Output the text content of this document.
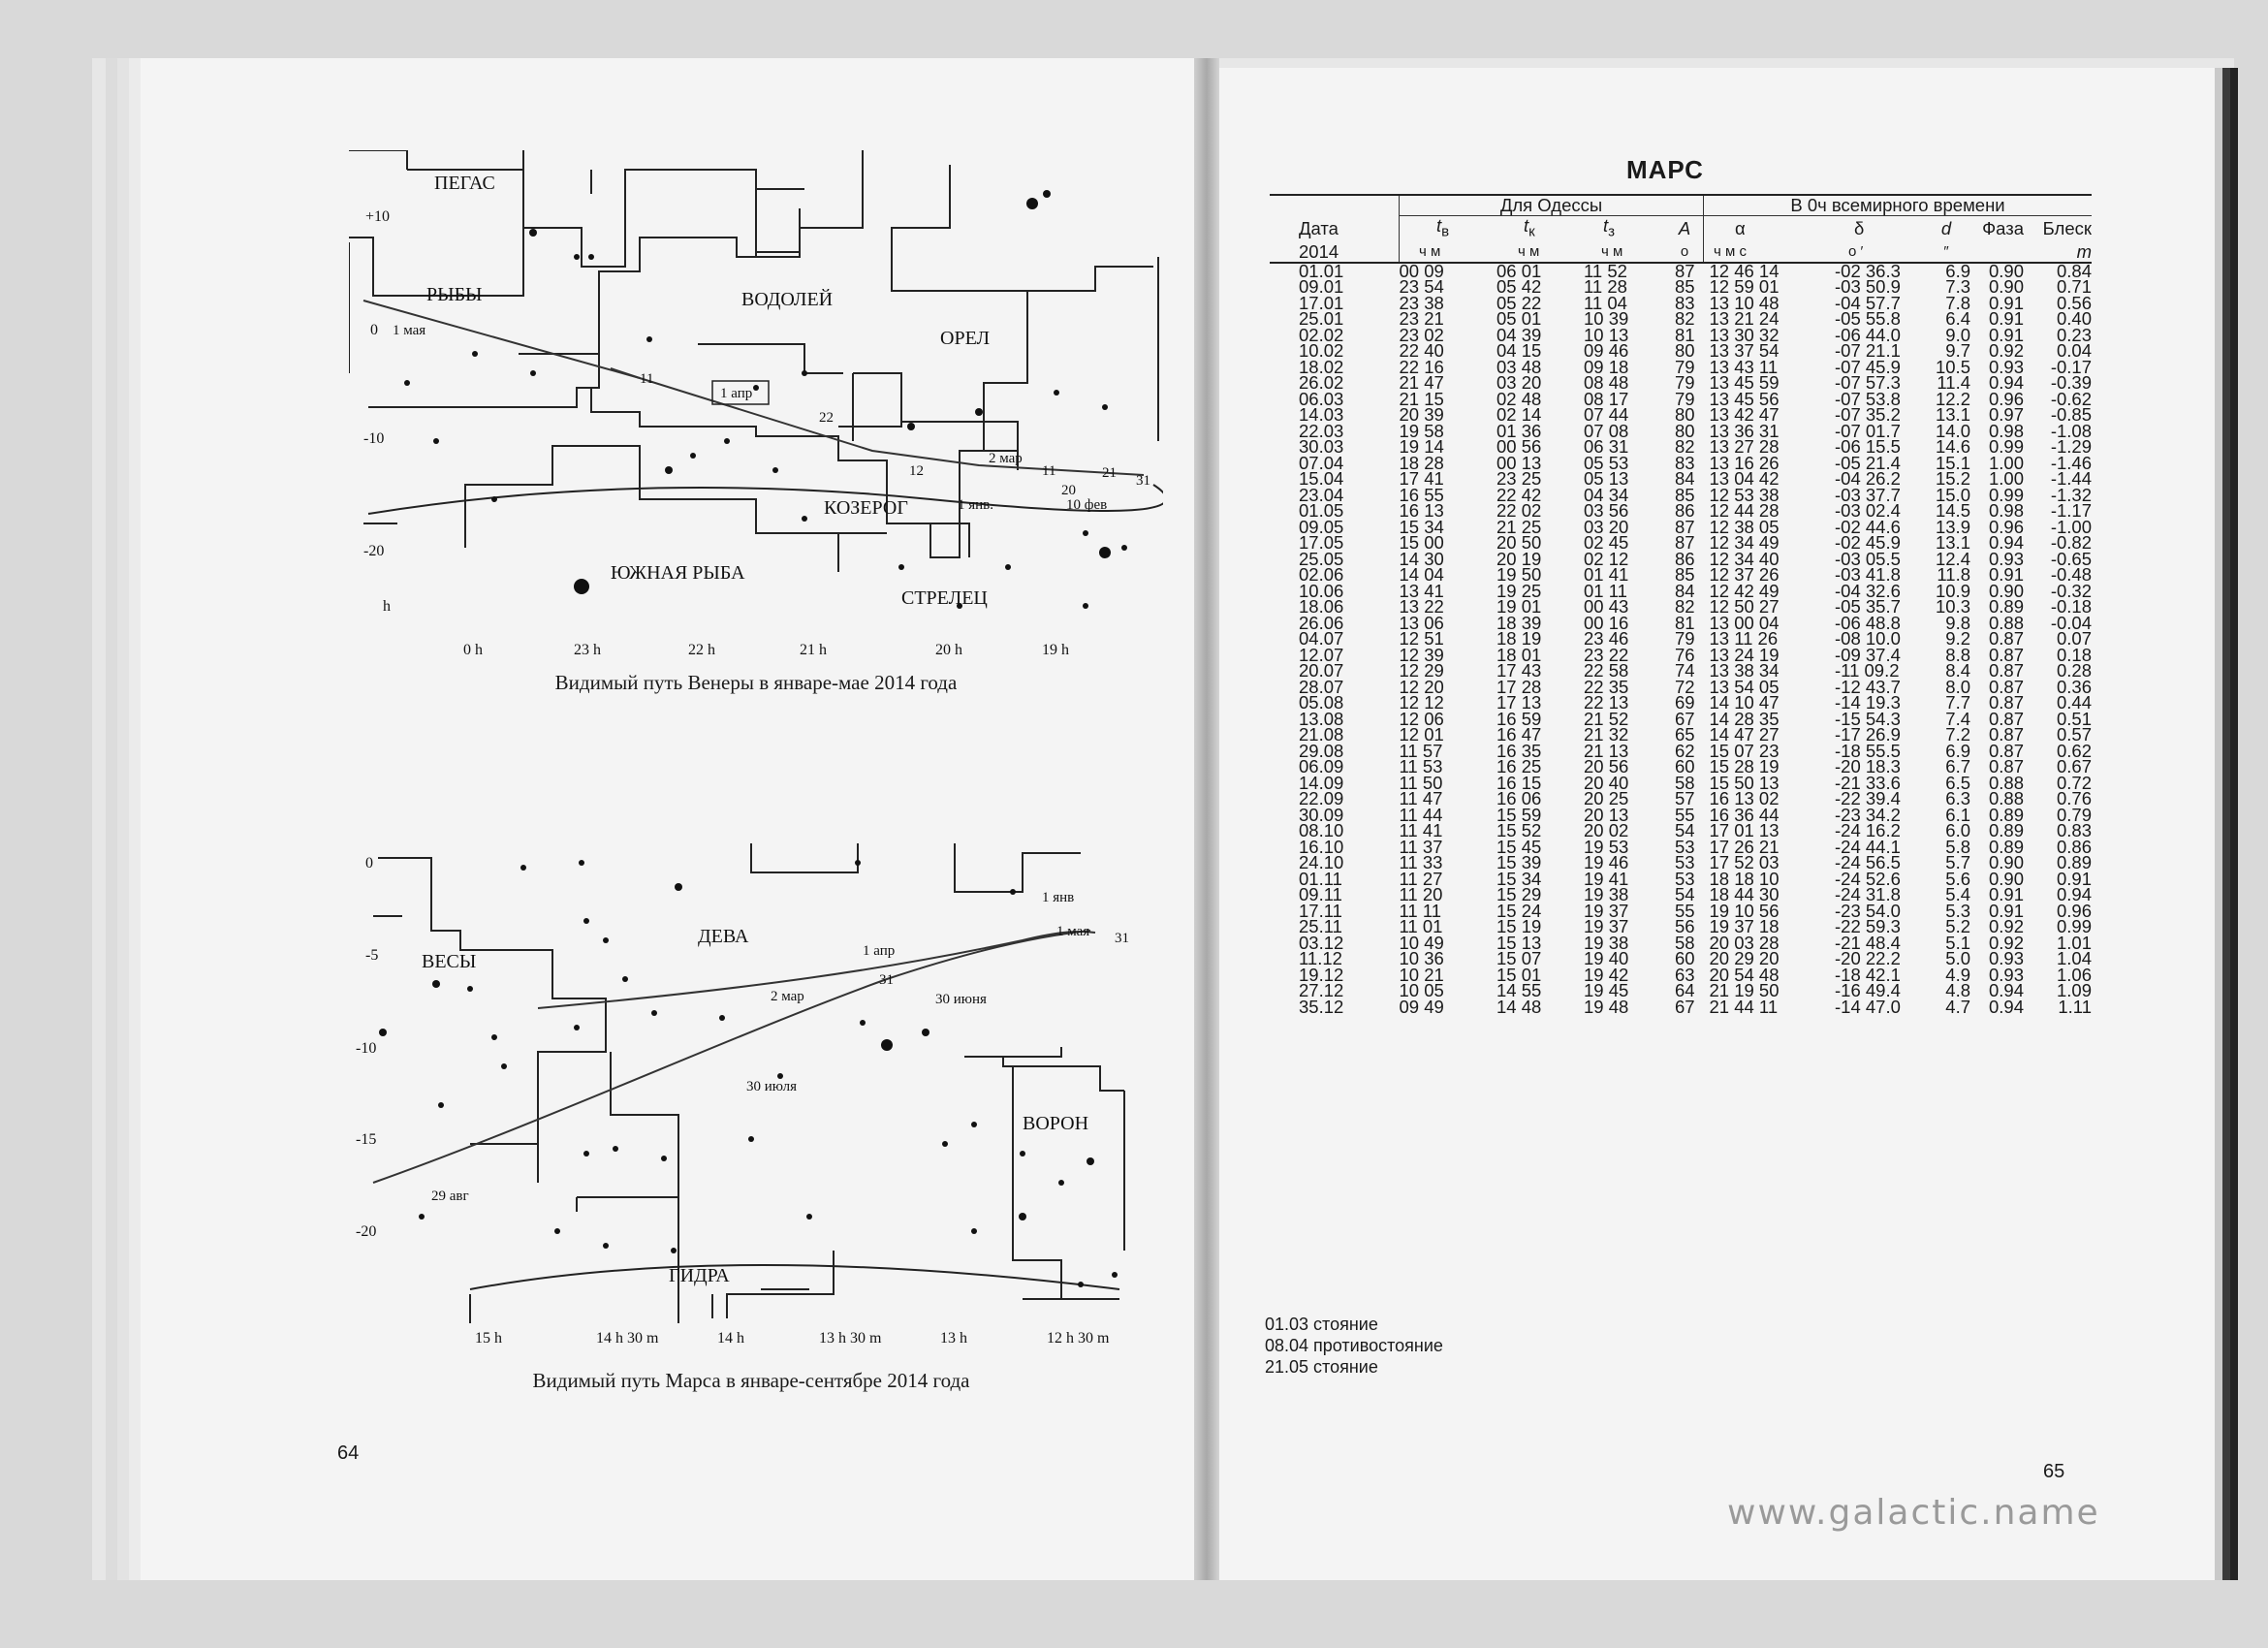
ПЕГАС
РЫБЫ	ВОДОЛЕЙ
ОРЕЛ
КОЗЕРОГ
ЮЖНАЯ РЫБА
СТРЕЛЕЦ
+10
0
-10
-20
0 h	23 h	22 h	21 h	20 h	19 h
h
1 мая
1 апр
2 мар
1 янв.	10 фев
11
22
12	11
20
21 31
Видимый путь Венеры в январе-мае 2014 года
ДЕВА
ВЕСЫ
ВОРОН
ГИДРА
0
-5
-10
-15
-20
15 h	14 h 30 m	14 h	13 h 30 m	13 h	12 h 30 m
1 янв
1 мая
1 апр
31
2 мар	30 июня
30 июля
29 авг
31
Видимый путь Марса в январе-сентябре 2014 года
64
65
МАРС
	Для Одессы				В 0ч всемирного времени				
Дата	$t_в$	$t_к$	$t_з$	A	α	δ	d	Фаза	Блеск
2014	ч м	ч м	ч м	о	ч м с	о ′	″		m
01.01	00 09	06 01	11 52	87	12 46 14	-02 36.3	6.9	0.90	0.84
09.01	23 54	05 42	11 28	85	12 59 01	-03 50.9	7.3	0.90	0.71
17.01	23 38	05 22	11 04	83	13 10 48	-04 57.7	7.8	0.91	0.56
25.01	23 21	05 01	10 39	82	13 21 24	-05 55.8	6.4	0.91	0.40
02.02	23 02	04 39	10 13	81	13 30 32	-06 44.0	9.0	0.91	0.23
10.02	22 40	04 15	09 46	80	13 37 54	-07 21.1	9.7	0.92	0.04
18.02	22 16	03 48	09 18	79	13 43 11	-07 45.9	10.5	0.93	-0.17
26.02	21 47	03 20	08 48	79	13 45 59	-07 57.3	11.4	0.94	-0.39
06.03	21 15	02 48	08 17	79	13 45 56	-07 53.8	12.2	0.96	-0.62
14.03	20 39	02 14	07 44	80	13 42 47	-07 35.2	13.1	0.97	-0.85
22.03	19 58	01 36	07 08	80	13 36 31	-07 01.7	14.0	0.98	-1.08
30.03	19 14	00 56	06 31	82	13 27 28	-06 15.5	14.6	0.99	-1.29
07.04	18 28	00 13	05 53	83	13 16 26	-05 21.4	15.1	1.00	-1.46
15.04	17 41	23 25	05 13	84	13 04 42	-04 26.2	15.2	1.00	-1.44
23.04	16 55	22 42	04 34	85	12 53 38	-03 37.7	15.0	0.99	-1.32
01.05	16 13	22 02	03 56	86	12 44 28	-03 02.4	14.5	0.98	-1.17
09.05	15 34	21 25	03 20	87	12 38 05	-02 44.6	13.9	0.96	-1.00
17.05	15 00	20 50	02 45	87	12 34 49	-02 45.9	13.1	0.94	-0.82
25.05	14 30	20 19	02 12	86	12 34 40	-03 05.5	12.4	0.93	-0.65
02.06	14 04	19 50	01 41	85	12 37 26	-03 41.8	11.8	0.91	-0.48
10.06	13 41	19 25	01 11	84	12 42 49	-04 32.6	10.9	0.90	-0.32
18.06	13 22	19 01	00 43	82	12 50 27	-05 35.7	10.3	0.89	-0.18
26.06	13 06	18 39	00 16	81	13 00 04	-06 48.8	9.8	0.88	-0.04
04.07	12 51	18 19	23 46	79	13 11 26	-08 10.0	9.2	0.87	0.07
12.07	12 39	18 01	23 22	76	13 24 19	-09 37.4	8.8	0.87	0.18
20.07	12 29	17 43	22 58	74	13 38 34	-11 09.2	8.4	0.87	0.28
28.07	12 20	17 28	22 35	72	13 54 05	-12 43.7	8.0	0.87	0.36
05.08	12 12	17 13	22 13	69	14 10 47	-14 19.3	7.7	0.87	0.44
13.08	12 06	16 59	21 52	67	14 28 35	-15 54.3	7.4	0.87	0.51
21.08	12 01	16 47	21 32	65	14 47 27	-17 26.9	7.2	0.87	0.57
29.08	11 57	16 35	21 13	62	15 07 23	-18 55.5	6.9	0.87	0.62
06.09	11 53	16 25	20 56	60	15 28 19	-20 18.3	6.7	0.87	0.67
14.09	11 50	16 15	20 40	58	15 50 13	-21 33.6	6.5	0.88	0.72
22.09	11 47	16 06	20 25	57	16 13 02	-22 39.4	6.3	0.88	0.76
30.09	11 44	15 59	20 13	55	16 36 44	-23 34.2	6.1	0.89	0.79
08.10	11 41	15 52	20 02	54	17 01 13	-24 16.2	6.0	0.89	0.83
16.10	11 37	15 45	19 53	53	17 26 21	-24 44.1	5.8	0.89	0.86
24.10	11 33	15 39	19 46	53	17 52 03	-24 56.5	5.7	0.90	0.89
01.11	11 27	15 34	19 41	53	18 18 10	-24 52.6	5.6	0.90	0.91
09.11	11 20	15 29	19 38	54	18 44 30	-24 31.8	5.4	0.91	0.94
17.11	11 11	15 24	19 37	55	19 10 56	-23 54.0	5.3	0.91	0.96
25.11	11 01	15 19	19 37	56	19 37 18	-22 59.3	5.2	0.92	0.99
03.12	10 49	15 13	19 38	58	20 03 28	-21 48.4	5.1	0.92	1.01
11.12	10 36	15 07	19 40	60	20 29 20	-20 22.2	5.0	0.93	1.04
19.12	10 21	15 01	19 42	63	20 54 48	-18 42.1	4.9	0.93	1.06
27.12	10 05	14 55	19 45	64	21 19 50	-16 49.4	4.8	0.94	1.09
35.12	09 49	14 48	19 48	67	21 44 11	-14 47.0	4.7	0.94	1.11
01.03 стояние
08.04 противостояние
21.05 стояние
www.galactic.name
